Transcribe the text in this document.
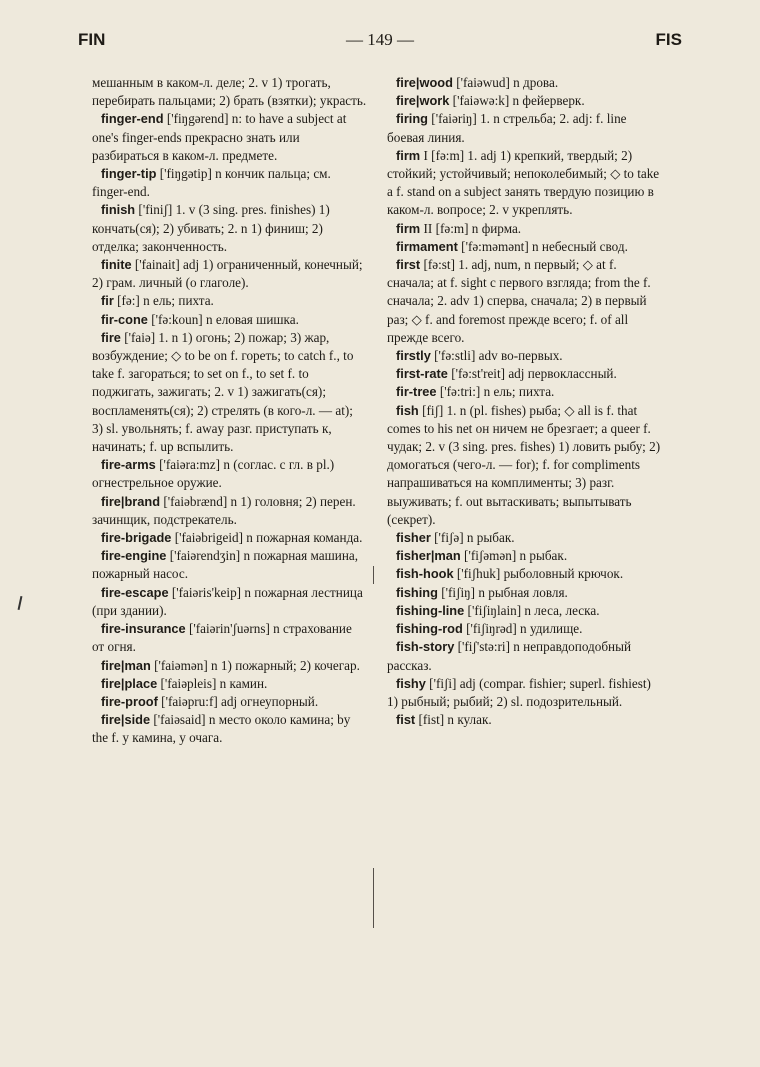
FIN	— 149 —	FIS

мешанным в каком-л. деле; 2. v 1) трогать, перебирать пальцами; 2) брать (взятки); украсть.

finger-end ['fiŋgərend] n: to have a subject at one's finger-ends прекрасно знать или разбираться в каком-л. предмете.

finger-tip ['fiŋgətip] n кончик пальца; см. finger-end.

finish ['finiʃ] 1. v (3 sing. pres. finishes) 1) кончать(ся); 2) убивать; 2. n 1) финиш; 2) отделка; законченность.

finite ['fainait] adj 1) ограниченный, конечный; 2) грам. личный (о глаголе).

fir [fə:] n ель; пихта.

fir-cone ['fə:koun] n еловая шишка.

fire ['faiə] 1. n 1) огонь; 2) пожар; 3) жар, возбуждение; ◇ to be on f. гореть; to catch f., to take f. загораться; to set on f., to set f. to поджигать, зажигать; 2. v 1) зажигать(ся); воспламенять(ся); 2) стрелять (в кого-л. — at); 3) sl. увольнять; f. away разг. приступать к, начинать; f. up вспылить.

fire-arms ['faiəra:mz] n (соглас. с гл. в pl.) огнестрельное оружие.

fire|brand ['faiəbrænd] n 1) головня; 2) перен. зачинщик, подстрекатель.

fire-brigade ['faiəbrigeid] n пожарная команда.

fire-engine ['faiərendʒin] n пожарная машина, пожарный насос.

fire-escape ['faiəris'keip] n пожарная лестница (при здании).

fire-insurance ['faiərin'ʃuərns] n страхование от огня.

fire|man ['faiəmən] n 1) пожарный; 2) кочегар.

fire|place ['faiəpleis] n камин.

fire-proof ['faiəpru:f] adj огнеупорный.

fire|side ['faiəsaid] n место около камина; by the f. у камина, у очага.

fire|wood ['faiəwud] n дрова.

fire|work ['faiəwə:k] n фейерверк.

firing ['faiəriŋ] 1. n стрельба; 2. adj: f. line боевая линия.

firm I [fə:m] 1. adj 1) крепкий, твердый; 2) стойкий; устойчивый; непоколебимый; ◇ to take a f. stand on a subject занять твердую позицию в каком-л. вопросе; 2. v укреплять.

firm II [fə:m] n фирма.

firmament ['fə:məmənt] n небесный свод.

first [fə:st] 1. adj, num, n первый; ◇ at f. сначала; at f. sight с первого взгляда; from the f. сначала; 2. adv 1) сперва, сначала; 2) в первый раз; ◇ f. and foremost прежде всего; f. of all прежде всего.

firstly ['fə:stli] adv во-первых.

first-rate ['fə:st'reit] adj первоклассный.

fir-tree ['fə:tri:] n ель; пихта.

fish [fiʃ] 1. n (pl. fishes) рыба; ◇ all is f. that comes to his net он ничем не брезгает; a queer f. чудак; 2. v (3 sing. pres. fishes) 1) ловить рыбу; 2) домогаться (чего-л. — for); f. for compliments напрашиваться на комплименты; 3) разг. выуживать; f. out вытаскивать; выпытывать (секрет).

fisher ['fiʃə] n рыбак.

fisher|man ['fiʃəmən] n рыбак.

fish-hook ['fiʃhuk] рыболовный крючок.

fishing ['fiʃiŋ] n рыбная ловля.

fishing-line ['fiʃiŋlain] n леса, леска.

fishing-rod ['fiʃiŋrəd] n удилище.

fish-story ['fiʃ'stə:ri] n неправдоподобный рассказ.

fishy ['fiʃi] adj (compar. fishier; superl. fishiest) 1) рыбный; рыбий; 2) sl. подозрительный.

fist [fist] n кулак.
